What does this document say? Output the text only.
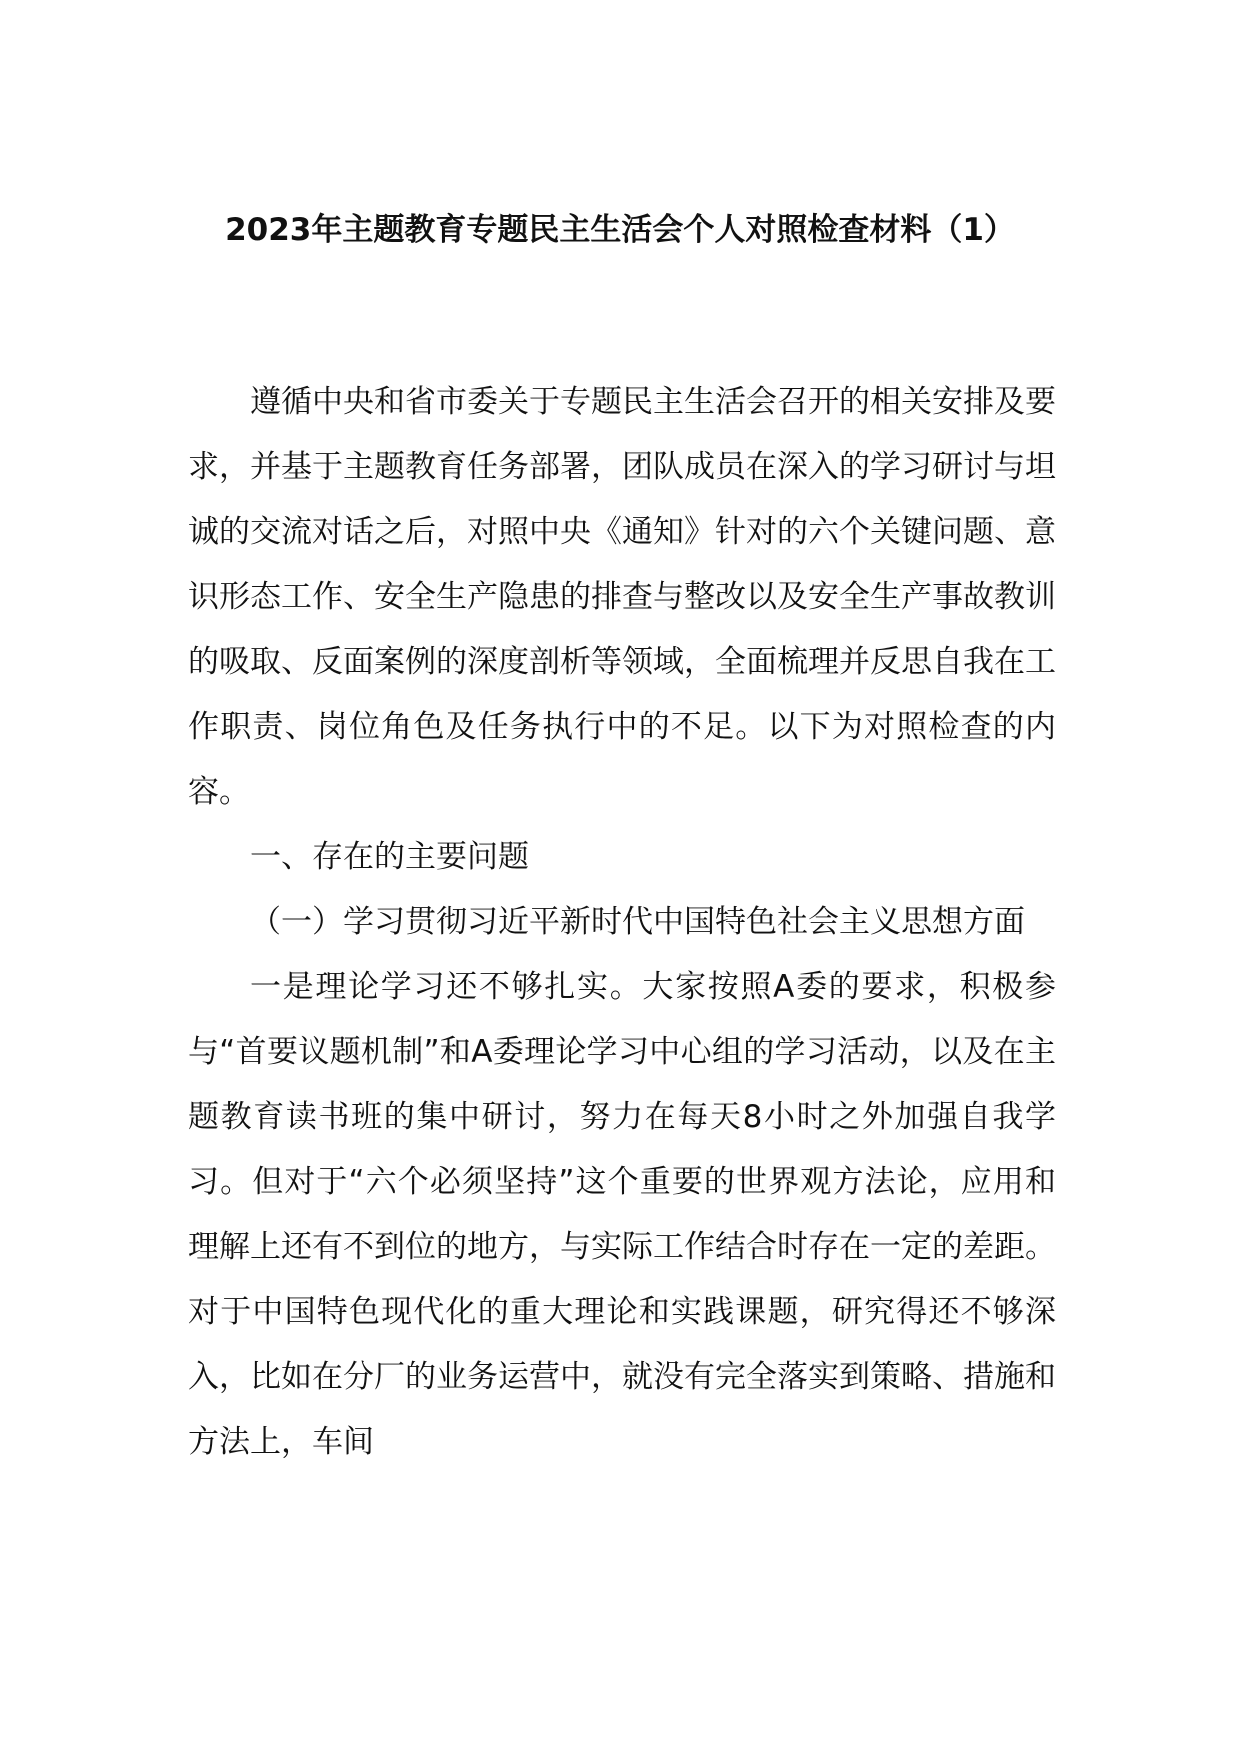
2023年主题教育专题民主生活会个人对照检查材料（1）

遵循中央和省市委关于专题民主生活会召开的相关安排及要求，并基于主题教育任务部署，团队成员在深入的学习研讨与坦诚的交流对话之后，对照中央《通知》针对的六个关键问题、意识形态工作、安全生产隐患的排查与整改以及安全生产事故教训的吸取、反面案例的深度剖析等领域，全面梳理并反思自我在工作职责、岗位角色及任务执行中的不足。以下为对照检查的内容。

一、存在的主要问题

（一）学习贯彻习近平新时代中国特色社会主义思想方面

一是理论学习还不够扎实。大家按照A委的要求，积极参与“首要议题机制”和A委理论学习中心组的学习活动，以及在主题教育读书班的集中研讨，努力在每天8小时之外加强自我学习。但对于“六个必须坚持”这个重要的世界观方法论，应用和理解上还有不到位的地方，与实际工作结合时存在一定的差距。对于中国特色现代化的重大理论和实践课题，研究得还不够深入，比如在分厂的业务运营中，就没有完全落实到策略、措施和方法上，车间
